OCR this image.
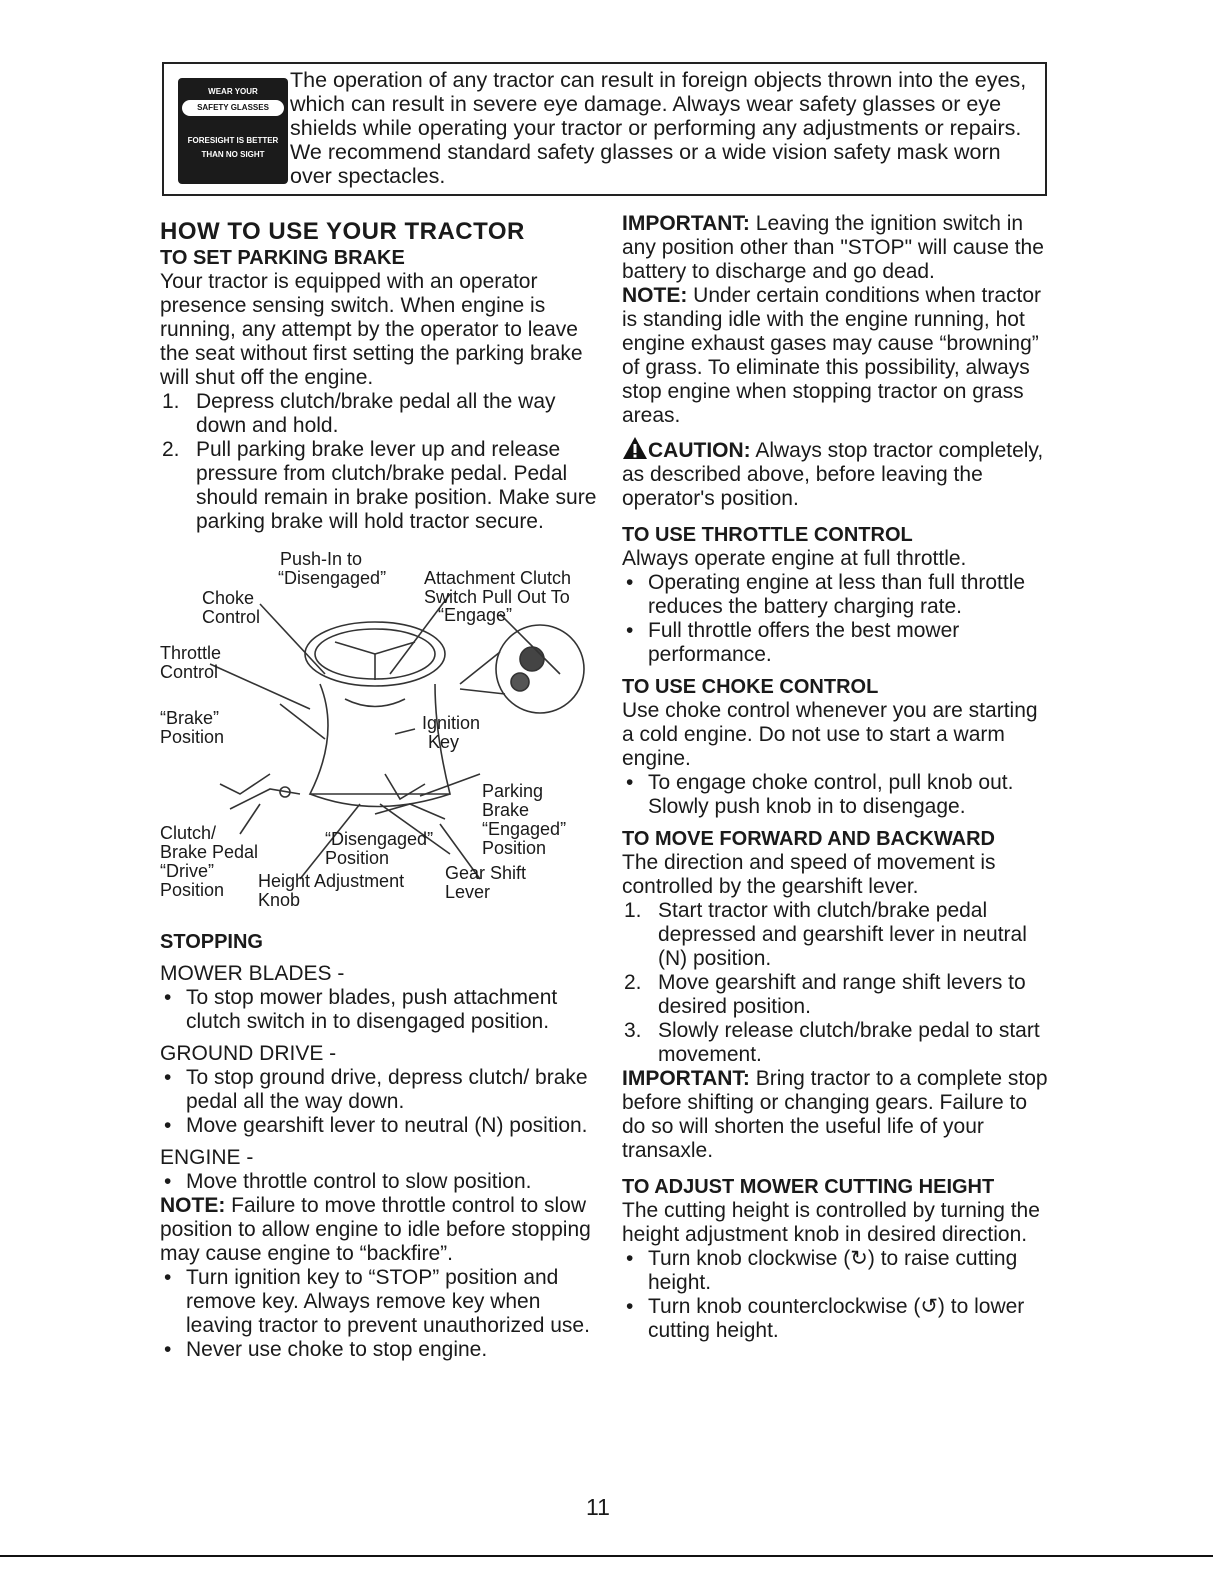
WEAR YOUR
SAFETY GLASSES
FORESIGHT IS BETTER
THAN NO SIGHT
The operation of any tractor can result in foreign objects thrown into the eyes, which can result in severe eye damage. Always wear safety glasses or eye shields while operating your tractor or performing any adjustments or repairs. We recommend standard safety glasses or a wide vision safety mask worn over spectacles.
HOW TO USE YOUR TRACTOR
TO SET PARKING BRAKE

Your tractor is equipped with an operator presence sensing switch. When engine is running, any attempt by the operator to leave the seat without first setting the parking brake will shut off the engine.

1. Depress clutch/brake pedal all the way down and hold.
2. Pull parking brake lever up and release pressure from clutch/brake pedal. Pedal should remain in brake position. Make sure parking brake will hold tractor secure.
Push-In to
“Disengaged” Attachment Clutch
Switch Pull Out To
“Engage”
Choke
Control
Throttle
Control
“Brake”
Position
Ignition
Key
Parking
Brake
“Engaged”
Position
Clutch/
Brake Pedal
“Drive”
Position
“Disengaged”
Position
Height Adjustment
Knob
Gear Shift
Lever
STOPPING
MOWER BLADES -
• To stop mower blades, push attachment clutch switch in to disengaged position.
GROUND DRIVE -
• To stop ground drive, depress clutch/ brake pedal all the way down.
• Move gearshift lever to neutral (N) position.
ENGINE -
• Move throttle control to slow position.

NOTE: Failure to move throttle control to slow position to allow engine to idle before stopping may cause engine to “backfire”.

• Turn ignition key to “STOP” position and remove key. Always remove key when leaving tractor to prevent unauthorized use.
• Never use choke to stop engine.

IMPORTANT: Leaving the ignition switch in any position other than "STOP" will cause the battery to discharge and go dead.

NOTE: Under certain conditions when tractor is standing idle with the engine running, hot engine exhaust gases may cause “browning” of grass. To eliminate this possibility, always stop engine when stopping tractor on grass areas.

CAUTION: Always stop tractor completely, as described above, before leaving the operator's position.

TO USE THROTTLE CONTROL

Always operate engine at full throttle.

• Operating engine at less than full throttle reduces the battery charging rate.
• Full throttle offers the best mower performance.
TO USE CHOKE CONTROL

Use choke control whenever you are starting a cold engine. Do not use to start a warm engine.

• To engage choke control, pull knob out. Slowly push knob in to disengage.
TO MOVE FORWARD AND BACKWARD

The direction and speed of movement is controlled by the gearshift lever.

1. Start tractor with clutch/brake pedal depressed and gearshift lever in neutral (N) position.
2. Move gearshift and range shift levers to desired position.
3. Slowly release clutch/brake pedal to start movement.

IMPORTANT: Bring tractor to a complete stop before shifting or changing gears. Failure to do so will shorten the useful life of your transaxle.

TO ADJUST MOWER CUTTING HEIGHT

The cutting height is controlled by turning the height adjustment knob in desired direction.

• Turn knob clockwise (↻) to raise cutting height.
• Turn knob counterclockwise (↺) to lower cutting height.
11
